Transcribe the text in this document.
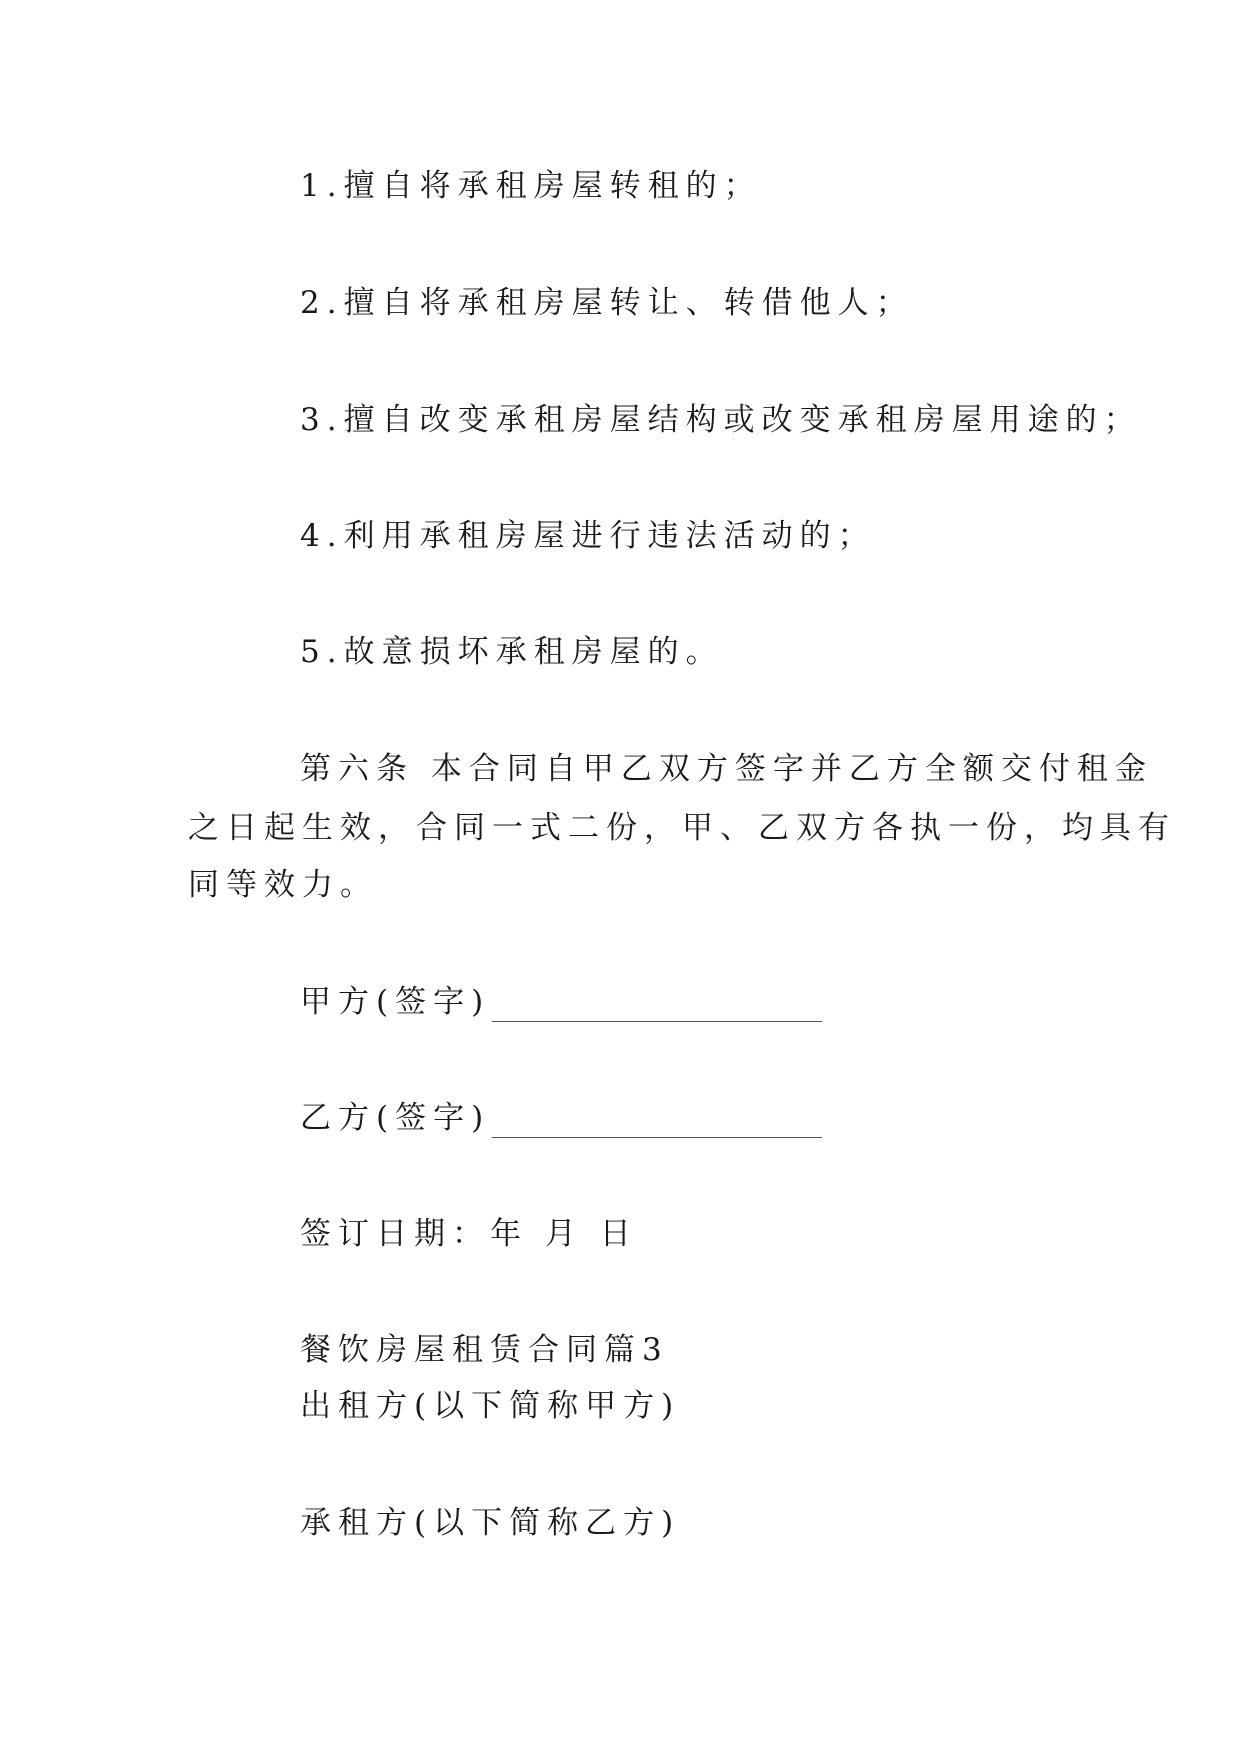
1.擅自将承租房屋转租的；
2.擅自将承租房屋转让、转借他人；
3.擅自改变承租房屋结构或改变承租房屋用途的；
4.利用承租房屋进行违法活动的；
5.故意损坏承租房屋的。
第六条 本合同自甲乙双方签字并乙方全额交付租金
之日起生效，合同一式二份，甲、乙双方各执一份，均具有
同等效力。
甲方(签字)
乙方(签字)
签订日期：年 月 日
餐饮房屋租赁合同篇3
出租方(以下简称甲方)
承租方(以下简称乙方)
